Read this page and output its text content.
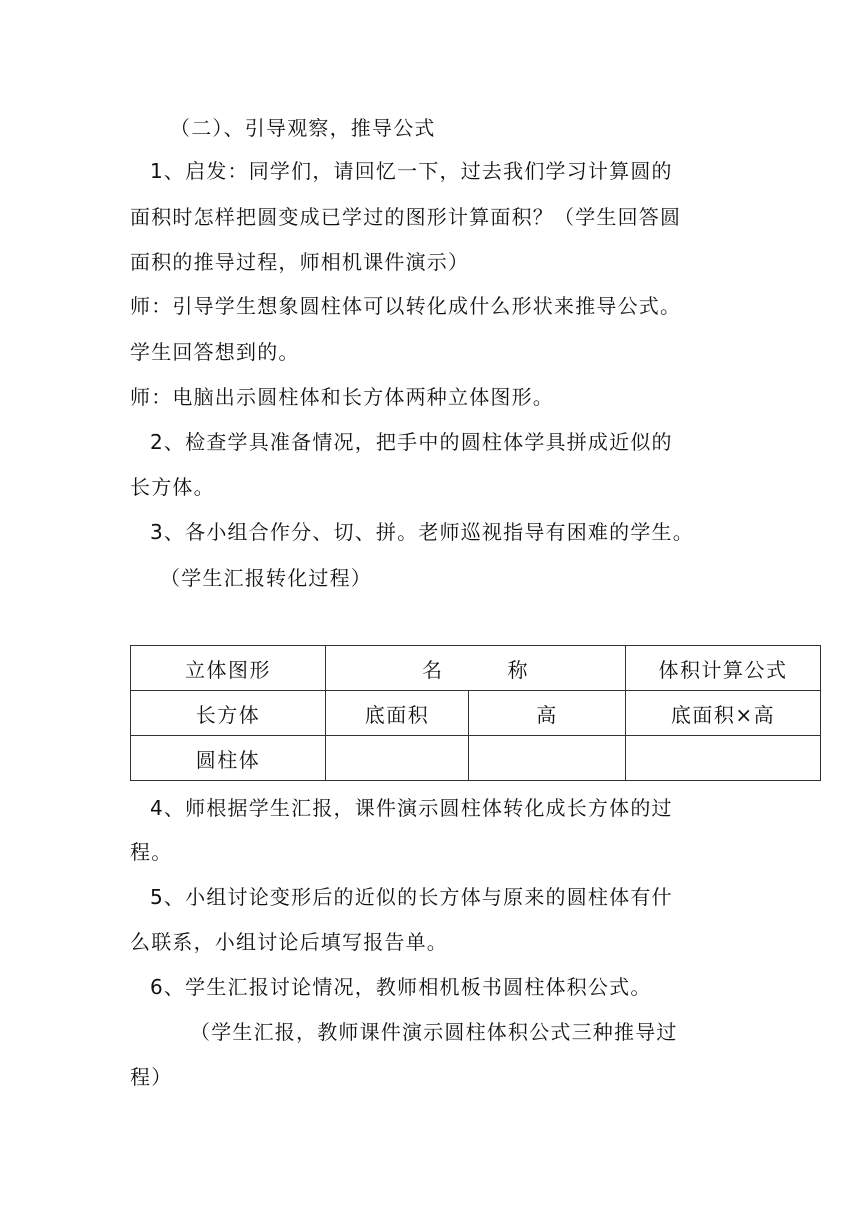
（二）、引导观察，推导公式
1、启发：同学们，请回忆一下，过去我们学习计算圆的
面积时怎样把圆变成已学过的图形计算面积？（学生回答圆
面积的推导过程，师相机课件演示）
师：引导学生想象圆柱体可以转化成什么形状来推导公式。
学生回答想到的。
师：电脑出示圆柱体和长方体两种立体图形。
2、检查学具准备情况，把手中的圆柱体学具拼成近似的
长方体。
3、各小组合作分、切、拼。老师巡视指导有困难的学生。
（学生汇报转化过程）
立体图形	名 称		体积计算公式
长方体	底面积	高	底面积×高
圆柱体			
4、师根据学生汇报，课件演示圆柱体转化成长方体的过
程。
5、小组讨论变形后的近似的长方体与原来的圆柱体有什
么联系，小组讨论后填写报告单。
6、学生汇报讨论情况，教师相机板书圆柱体积公式。
（学生汇报，教师课件演示圆柱体积公式三种推导过
程）
